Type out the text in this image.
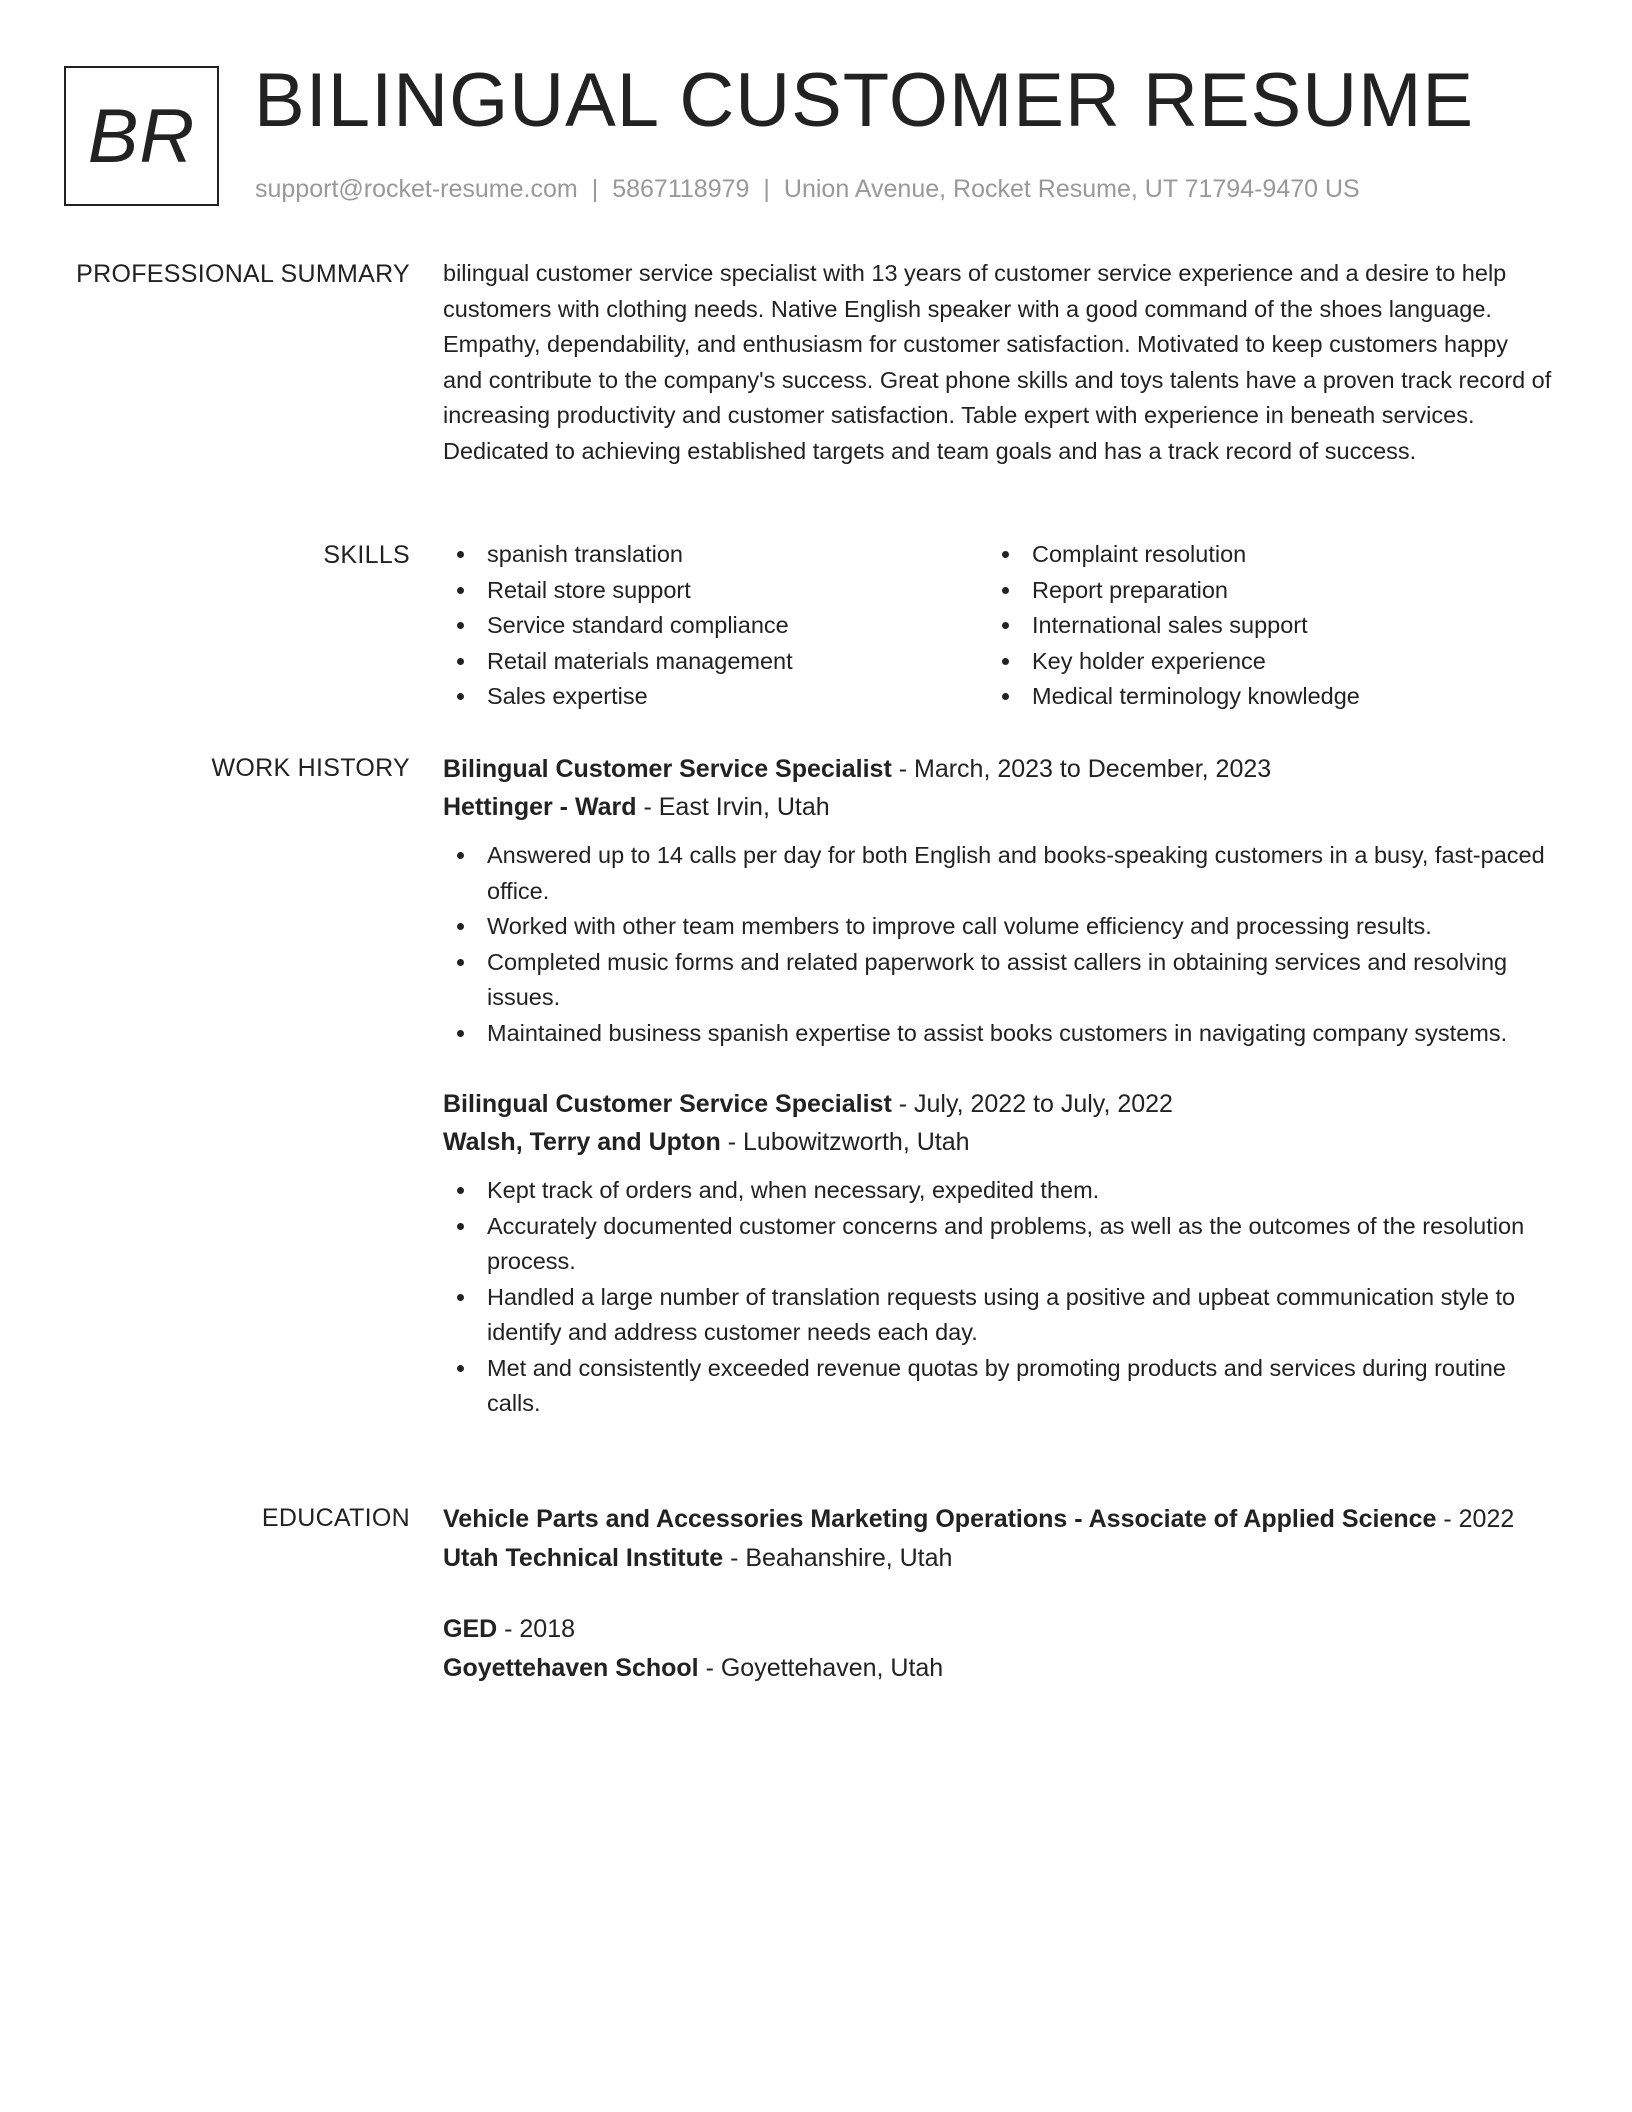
BR BILINGUAL CUSTOMER RESUME
support@rocket-resume.com | 5867118979 | Union Avenue, Rocket Resume, UT 71794-9470 US
PROFESSIONAL SUMMARY bilingual customer service specialist with 13 years of customer service experience and a desire to help customers with clothing needs. Native English speaker with a good command of the shoes language. Empathy, dependability, and enthusiasm for customer satisfaction. Motivated to keep customers happy and contribute to the company's success. Great phone skills and toys talents have a proven track record of increasing productivity and customer satisfaction. Table expert with experience in beneath services. Dedicated to achieving established targets and team goals and has a track record of success.

SKILLS	spanish translation
Retail store support
Service standard compliance
Retail materials management
Sales expertise
Complaint resolution
Report preparation
International sales support
Key holder experience
Medical terminology knowledge
WORK HISTORY Bilingual Customer Service Specialist - March, 2023 to December, 2023
Hettinger - Ward - East Irvin, Utah
Answered up to 14 calls per day for both English and books-speaking customers in a busy, fast-paced office.
Worked with other team members to improve call volume efficiency and processing results.
Completed music forms and related paperwork to assist callers in obtaining services and resolving issues.
Maintained business spanish expertise to assist books customers in navigating company systems.
Bilingual Customer Service Specialist - July, 2022 to July, 2022
Walsh, Terry and Upton - Lubowitzworth, Utah
Kept track of orders and, when necessary, expedited them.
Accurately documented customer concerns and problems, as well as the outcomes of the resolution process.
Handled a large number of translation requests using a positive and upbeat communication style to identify and address customer needs each day.
Met and consistently exceeded revenue quotas by promoting products and services during routine calls.
EDUCATION Vehicle Parts and Accessories Marketing Operations - Associate of Applied Science - 2022
Utah Technical Institute - Beahanshire, Utah
GED - 2018
Goyettehaven School - Goyettehaven, Utah
